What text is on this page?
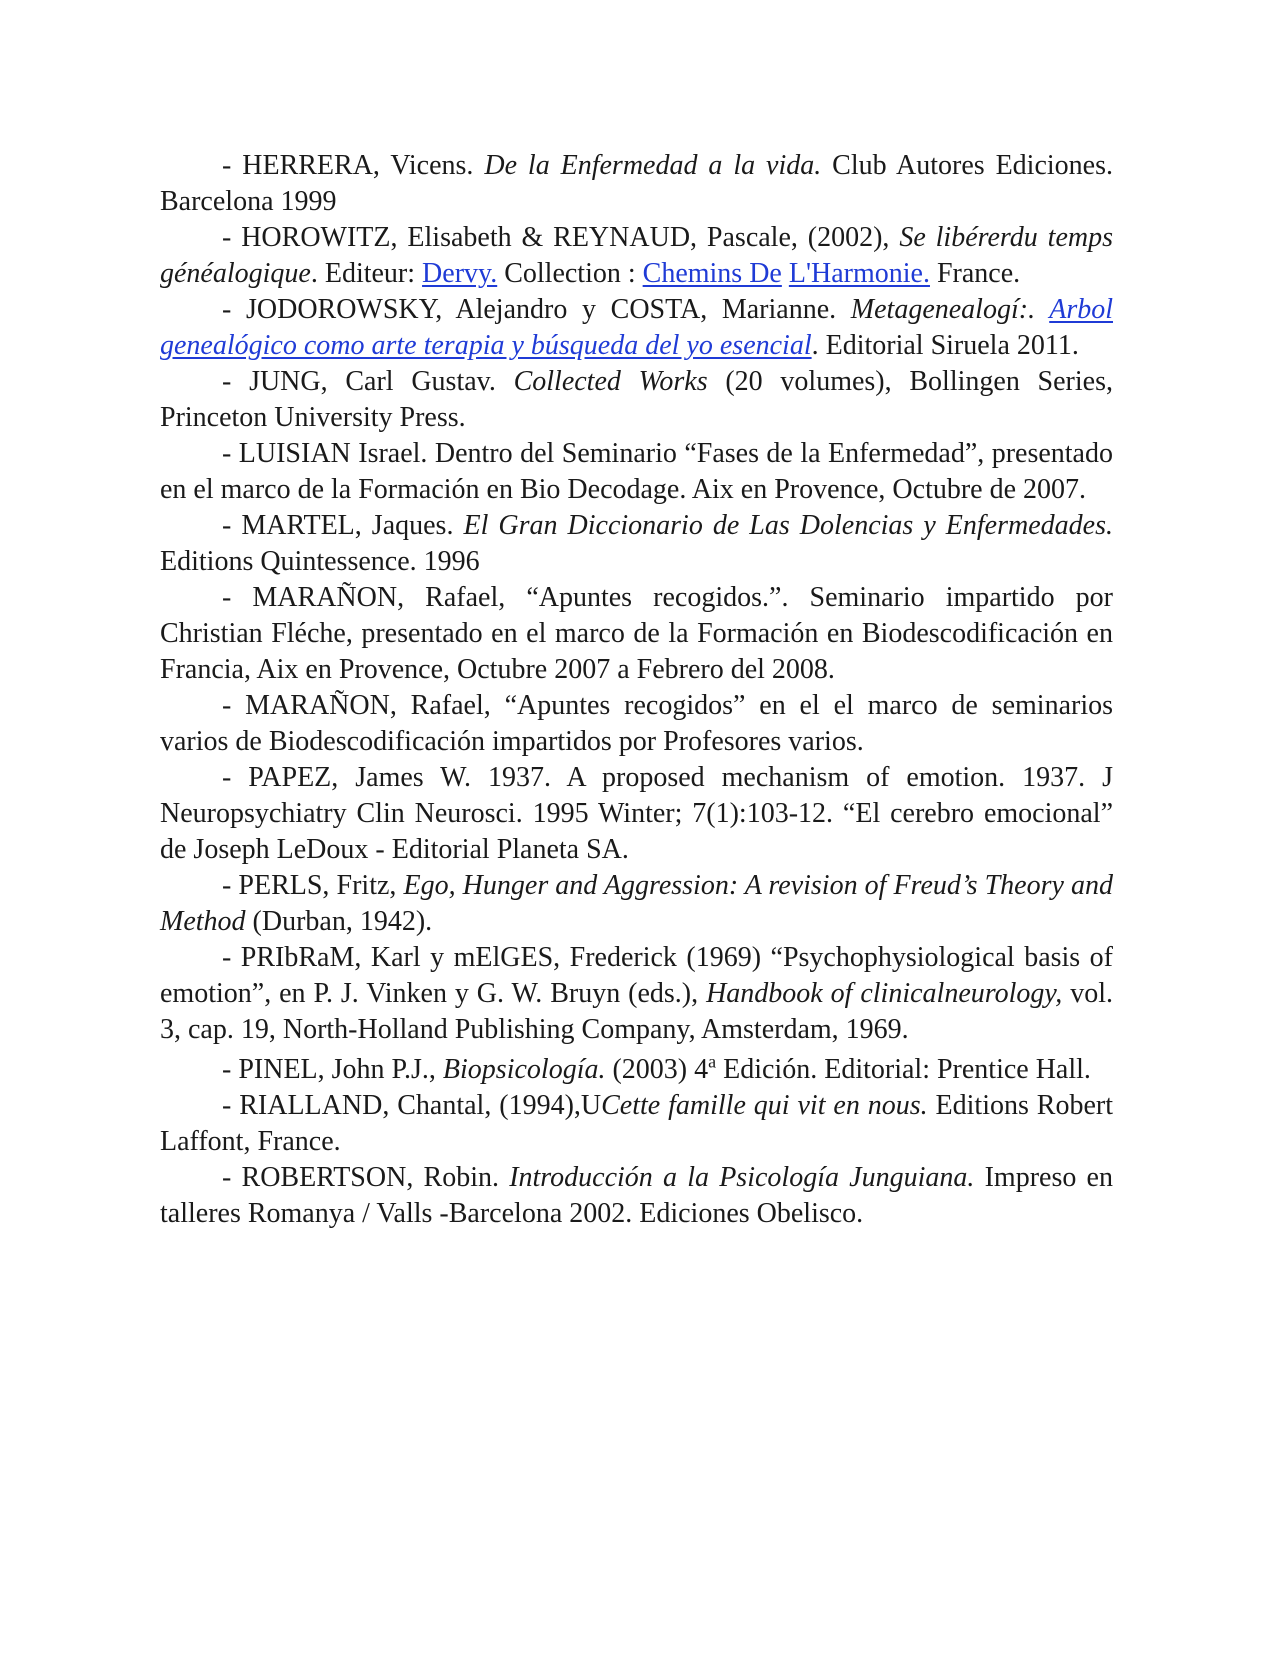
- HERRERA, Vicens. De la Enfermedad a la vida. Club Autores Ediciones. Barcelona 1999

- HOROWITZ, Elisabeth & REYNAUD, Pascale, (2002), Se libérerdu temps généalogique. Editeur: Dervy. Collection : Chemins De L'Harmonie. France.

- JODOROWSKY, Alejandro y COSTA, Marianne. Metagenealogí:. Arbol genealógico como arte terapia y búsqueda del yo esencial. Editorial Siruela 2011.

- JUNG, Carl Gustav. Collected Works (20 volumes), Bollingen Series, Princeton University Press.

- LUISIAN Israel. Dentro del Seminario “Fases de la Enfermedad”, presentado en el marco de la Formación en Bio Decodage. Aix en Provence, Octubre de 2007.

- MARTEL, Jaques. El Gran Diccionario de Las Dolencias y Enfermedades. Editions Quintessence. 1996

- MARAÑON, Rafael, “Apuntes recogidos.”. Seminario impartido por Christian Fléche, presentado en el marco de la Formación en Biodescodificación en Francia, Aix en Provence, Octubre 2007 a Febrero del 2008.

- MARAÑON, Rafael, “Apuntes recogidos” en el el marco de seminarios varios de Biodescodificación impartidos por Profesores varios.

- PAPEZ, James W. 1937. A proposed mechanism of emotion. 1937. J Neuropsychiatry Clin Neurosci. 1995 Winter; 7(1):103-12. “El cerebro emocional” de Joseph LeDoux - Editorial Planeta SA.

- PERLS, Fritz, Ego, Hunger and Aggression: A revision of Freud’s Theory and Method (Durban, 1942).

- PRIbRaM, Karl y mElGES, Frederick (1969) “Psychophysiological basis of emotion”, en P. J. Vinken y G. W. Bruyn (eds.), Handbook of clinicalneurology, vol. 3, cap. 19, North-Holland Publishing Company, Amsterdam, 1969.

- PINEL, John P.J., Biopsicología. (2003) 4$^a$ Edición. Editorial: Prentice Hall.

- RIALLAND, Chantal, (1994),UCette famille qui vit en nous. Editions Robert Laffont, France.

- ROBERTSON, Robin. Introducción a la Psicología Junguiana. Impreso en talleres Romanya / Valls -Barcelona 2002. Ediciones Obelisco.
